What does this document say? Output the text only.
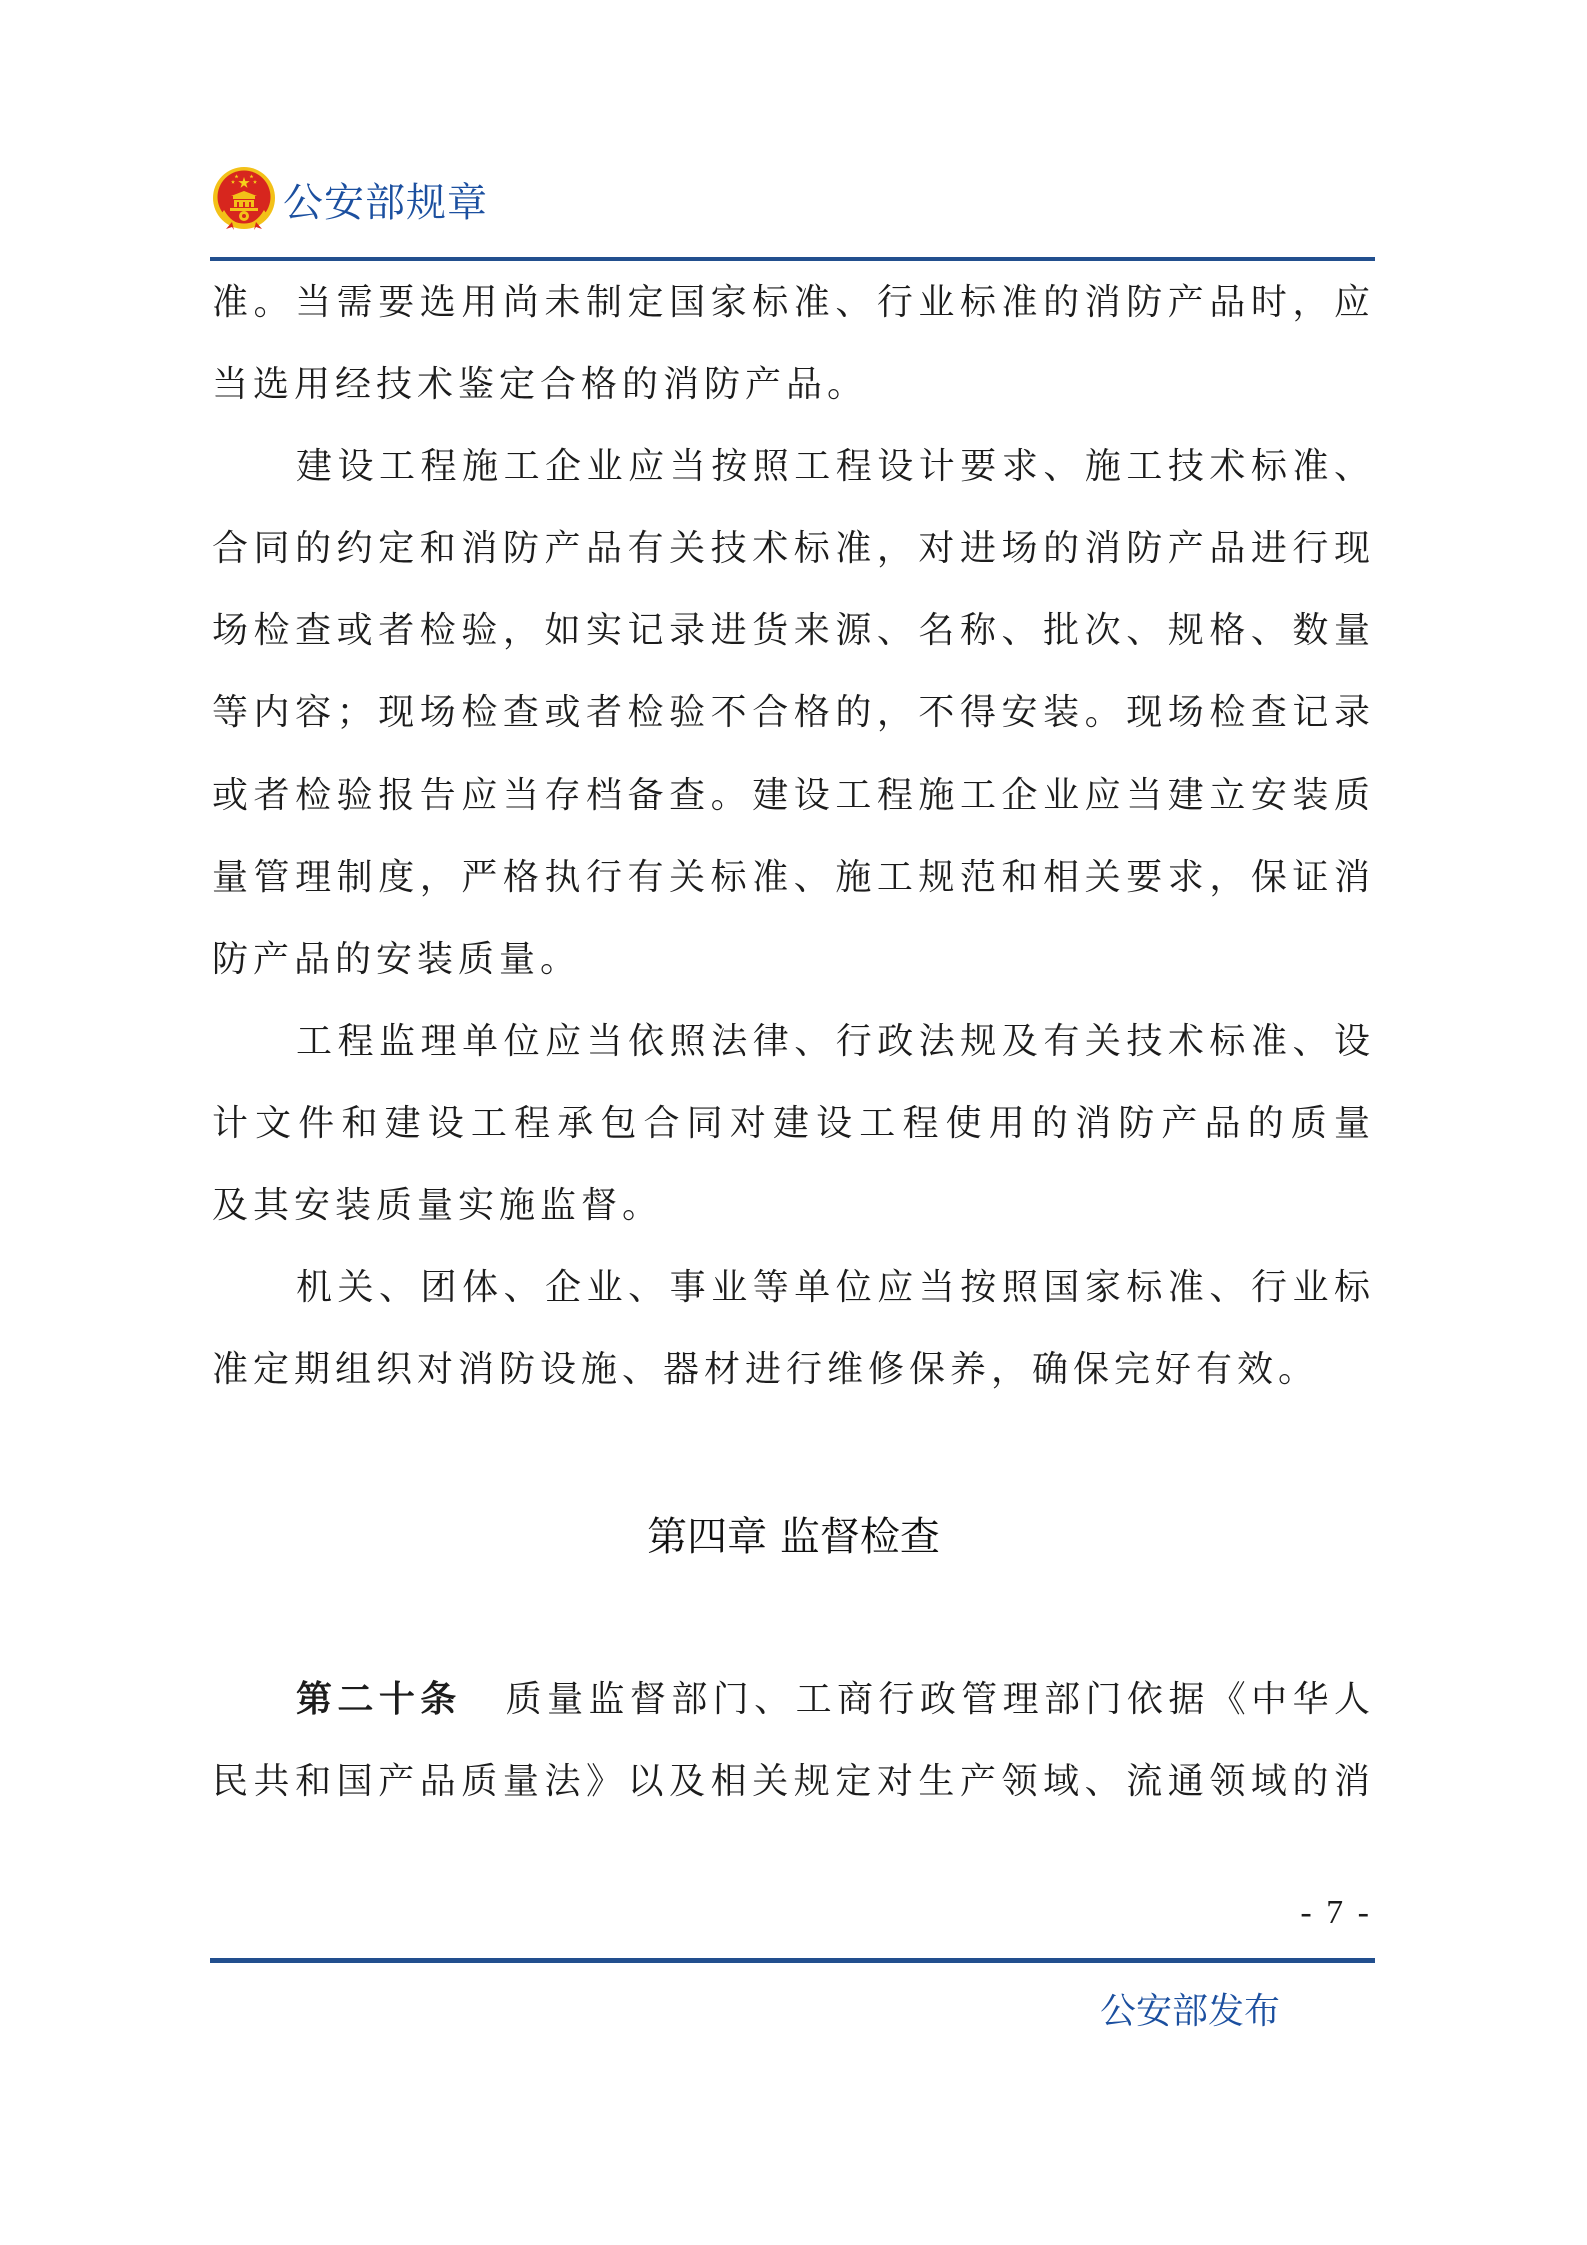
公安部规章
准。当需要选用尚未制定国家标准、行业标准的消防产品时，应
当选用经技术鉴定合格的消防产品。
建设工程施工企业应当按照工程设计要求、施工技术标准、
合同的约定和消防产品有关技术标准，对进场的消防产品进行现
场检查或者检验，如实记录进货来源、名称、批次、规格、数量
等内容；现场检查或者检验不合格的，不得安装。现场检查记录
或者检验报告应当存档备查。建设工程施工企业应当建立安装质
量管理制度，严格执行有关标准、施工规范和相关要求，保证消
防产品的安装质量。
工程监理单位应当依照法律、行政法规及有关技术标准、设
计文件和建设工程承包合同对建设工程使用的消防产品的质量
及其安装质量实施监督。
机关、团体、企业、事业等单位应当按照国家标准、行业标
准定期组织对消防设施、器材进行维修保养，确保完好有效。
第四章 监督检查
第二十条 质量监督部门、工商行政管理部门依据《中华人
民共和国产品质量法》以及相关规定对生产领域、流通领域的消
- 7 -
公安部发布
